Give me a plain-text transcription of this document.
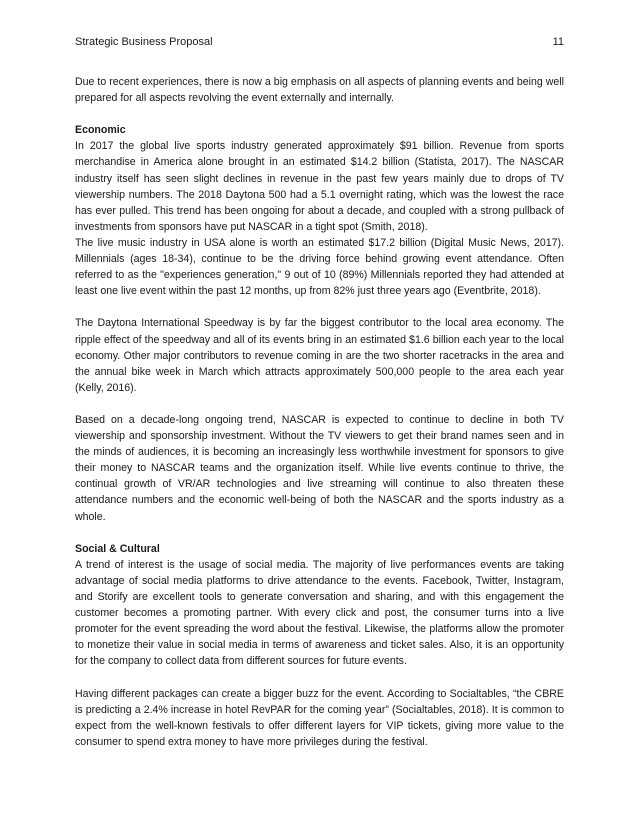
Strategic Business Proposal	11

Due to recent experiences, there is now a big emphasis on all aspects of planning events and being well prepared for all aspects revolving the event externally and internally.

Economic

In 2017 the global live sports industry generated approximately $91 billion. Revenue from sports merchandise in America alone brought in an estimated $14.2 billion (Statista, 2017). The NASCAR industry itself has seen slight declines in revenue in the past few years mainly due to drops of TV viewership numbers. The 2018 Daytona 500 had a 5.1 overnight rating, which was the lowest the race has ever pulled. This trend has been ongoing for about a decade, and coupled with a strong pullback of investments from sponsors have put NASCAR in a tight spot (Smith, 2018).

The live music industry in USA alone is worth an estimated $17.2 billion (Digital Music News, 2017). Millennials (ages 18-34), continue to be the driving force behind growing event attendance. Often referred to as the "experiences generation," 9 out of 10 (89%) Millennials reported they had attended at least one live event within the past 12 months, up from 82% just three years ago (Eventbrite, 2018).

The Daytona International Speedway is by far the biggest contributor to the local area economy. The ripple effect of the speedway and all of its events bring in an estimated $1.6 billion each year to the local economy. Other major contributors to revenue coming in are the two shorter racetracks in the area and the annual bike week in March which attracts approximately 500,000 people to the area each year (Kelly, 2016).

Based on a decade-long ongoing trend, NASCAR is expected to continue to decline in both TV viewership and sponsorship investment. Without the TV viewers to get their brand names seen and in the minds of audiences, it is becoming an increasingly less worthwhile investment for sponsors to give their money to NASCAR teams and the organization itself. While live events continue to thrive, the continual growth of VR/AR technologies and live streaming will continue to also threaten these attendance numbers and the economic well-being of both the NASCAR and the sports industry as a whole.

Social & Cultural

A trend of interest is the usage of social media. The majority of live performances events are taking advantage of social media platforms to drive attendance to the events. Facebook, Twitter, Instagram, and Storify are excellent tools to generate conversation and sharing, and with this engagement the customer becomes a promoting partner. With every click and post, the consumer turns into a live promoter for the event spreading the word about the festival. Likewise, the platforms allow the promoter to monetize their value in social media in terms of awareness and ticket sales. Also, it is an opportunity for the company to collect data from different sources for future events.

Having different packages can create a bigger buzz for the event. According to Socialtables, “the CBRE is predicting a 2.4% increase in hotel RevPAR for the coming year” (Socialtables, 2018). It is common to expect from the well-known festivals to offer different layers for VIP tickets, giving more value to the consumer to spend extra money to have more privileges during the festival.
